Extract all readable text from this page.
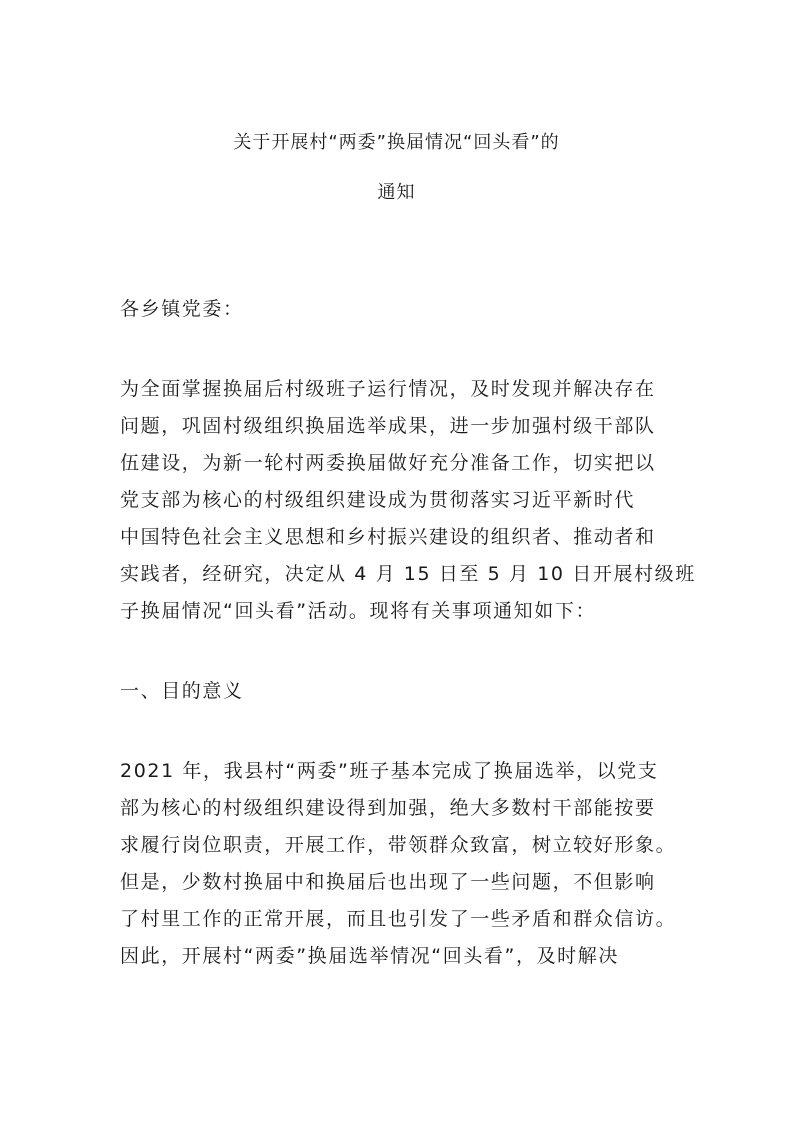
关于开展村“两委”换届情况“回头看”的
通知
各乡镇党委：
为全面掌握换届后村级班子运行情况，及时发现并解决存在
问题，巩固村级组织换届选举成果，进一步加强村级干部队
伍建设，为新一轮村两委换届做好充分准备工作，切实把以
党支部为核心的村级组织建设成为贯彻落实习近平新时代
中国特色社会主义思想和乡村振兴建设的组织者、推动者和
实践者，经研究，决定从 4 月 15 日至 5 月 10 日开展村级班
子换届情况“回头看”活动。现将有关事项通知如下：
一、目的意义
2021 年，我县村“两委”班子基本完成了换届选举，以党支
部为核心的村级组织建设得到加强，绝大多数村干部能按要
求履行岗位职责，开展工作，带领群众致富，树立较好形象。
但是，少数村换届中和换届后也出现了一些问题，不但影响
了村里工作的正常开展，而且也引发了一些矛盾和群众信访。
因此，开展村“两委”换届选举情况“回头看”，及时解决
